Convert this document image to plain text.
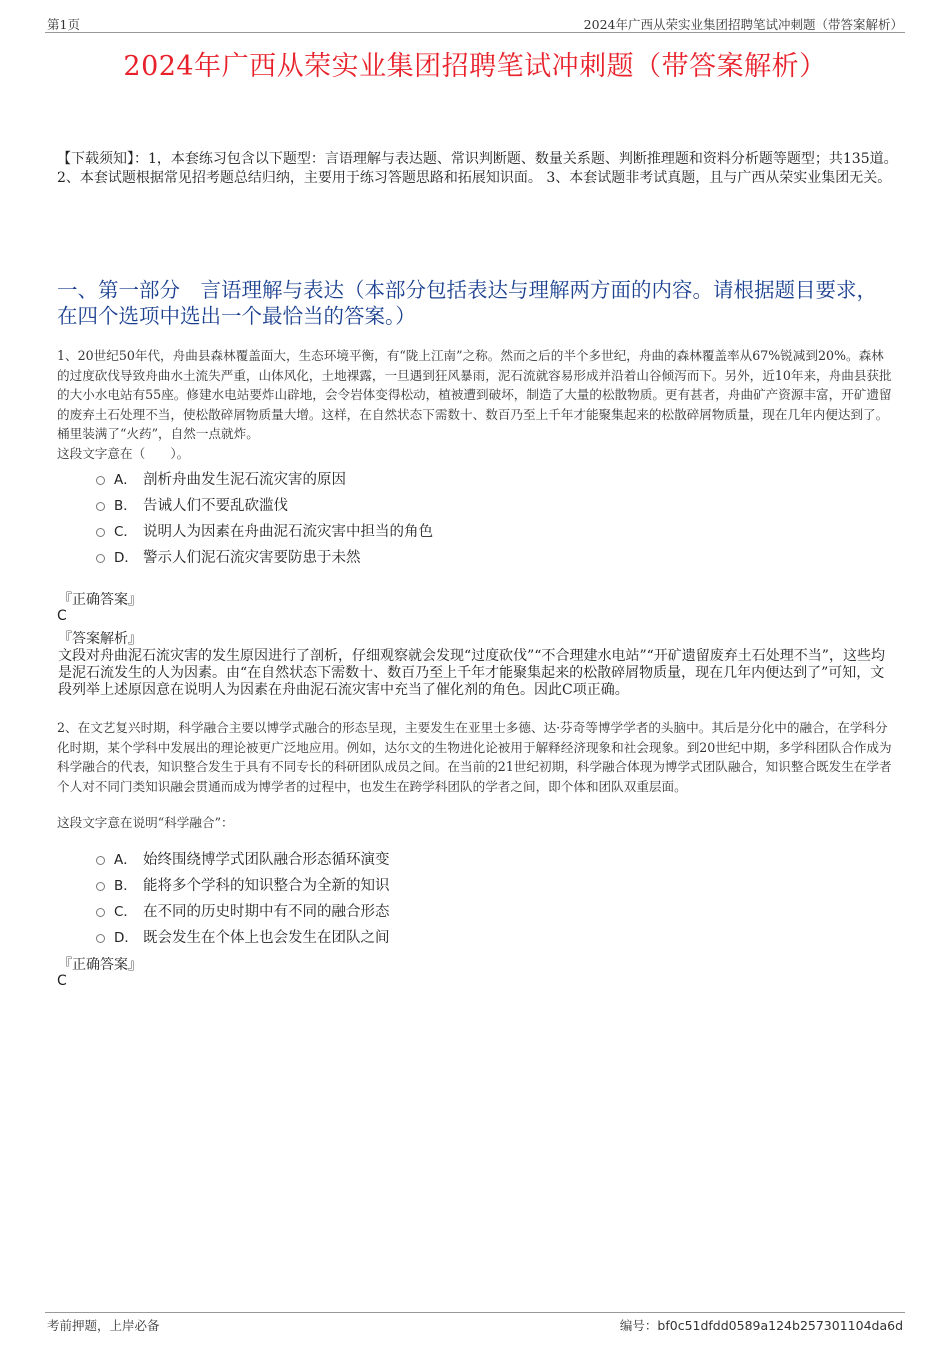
第1页	2024年广西从荣实业集团招聘笔试冲刺题（带答案解析）
2024年广西从荣实业集团招聘笔试冲刺题（带答案解析）
【下载须知】：1，本套练习包含以下题型：言语理解与表达题、常识判断题、数量关系题、判断推理题和资料分析题等题型；共135道。 2、本套试题根据常见招考题总结归纳，主要用于练习答题思路和拓展知识面。 3、本套试题非考试真题，且与广西从荣实业集团无关。
一、第一部分　言语理解与表达（本部分包括表达与理解两方面的内容。请根据题目要求，在四个选项中选出一个最恰当的答案。）
1、20世纪50年代，舟曲县森林覆盖面大，生态环境平衡，有“陇上江南”之称。然而之后的半个多世纪，舟曲的森林覆盖率从67%锐减到20%。森林的过度砍伐导致舟曲水土流失严重，山体风化，土地裸露，一旦遇到狂风暴雨，泥石流就容易形成并沿着山谷倾泻而下。另外，近10年来，舟曲县获批的大小水电站有55座。修建水电站要炸山辟地，会令岩体变得松动，植被遭到破坏，制造了大量的松散物质。更有甚者，舟曲矿产资源丰富，开矿遗留的废弃土石处理不当，使松散碎屑物质量大增。这样，在自然状态下需数十、数百乃至上千年才能聚集起来的松散碎屑物质量，现在几年内便达到了。桶里装满了“火药”，自然一点就炸。
这段文字意在（　　）。
A． 剖析舟曲发生泥石流灾害的原因
B． 告诫人们不要乱砍滥伐
C． 说明人为因素在舟曲泥石流灾害中担当的角色
D． 警示人们泥石流灾害要防患于未然
『正确答案』
C
『答案解析』
文段对舟曲泥石流灾害的发生原因进行了剖析，仔细观察就会发现“过度砍伐”“不合理建水电站”“开矿遗留废弃土石处理不当”，这些均是泥石流发生的人为因素。由“在自然状态下需数十、数百乃至上千年才能聚集起来的松散碎屑物质量，现在几年内便达到了”可知，文段列举上述原因意在说明人为因素在舟曲泥石流灾害中充当了催化剂的角色。因此C项正确。
2、在文艺复兴时期，科学融合主要以博学式融合的形态呈现，主要发生在亚里士多德、达·芬奇等博学学者的头脑中。其后是分化中的融合，在学科分化时期，某个学科中发展出的理论被更广泛地应用。例如，达尔文的生物进化论被用于解释经济现象和社会现象。到20世纪中期，多学科团队合作成为科学融合的代表，知识整合发生于具有不同专长的科研团队成员之间。在当前的21世纪初期，科学融合体现为博学式团队融合，知识整合既发生在学者个人对不同门类知识融会贯通而成为博学者的过程中，也发生在跨学科团队的学者之间，即个体和团队双重层面。
这段文字意在说明“科学融合”：
A． 始终围绕博学式团队融合形态循环演变
B． 能将多个学科的知识整合为全新的知识
C． 在不同的历史时期中有不同的融合形态
D． 既会发生在个体上也会发生在团队之间
『正确答案』
C
考前押题，上岸必备	编号：bf0c51dfdd0589a124b257301104da6d
